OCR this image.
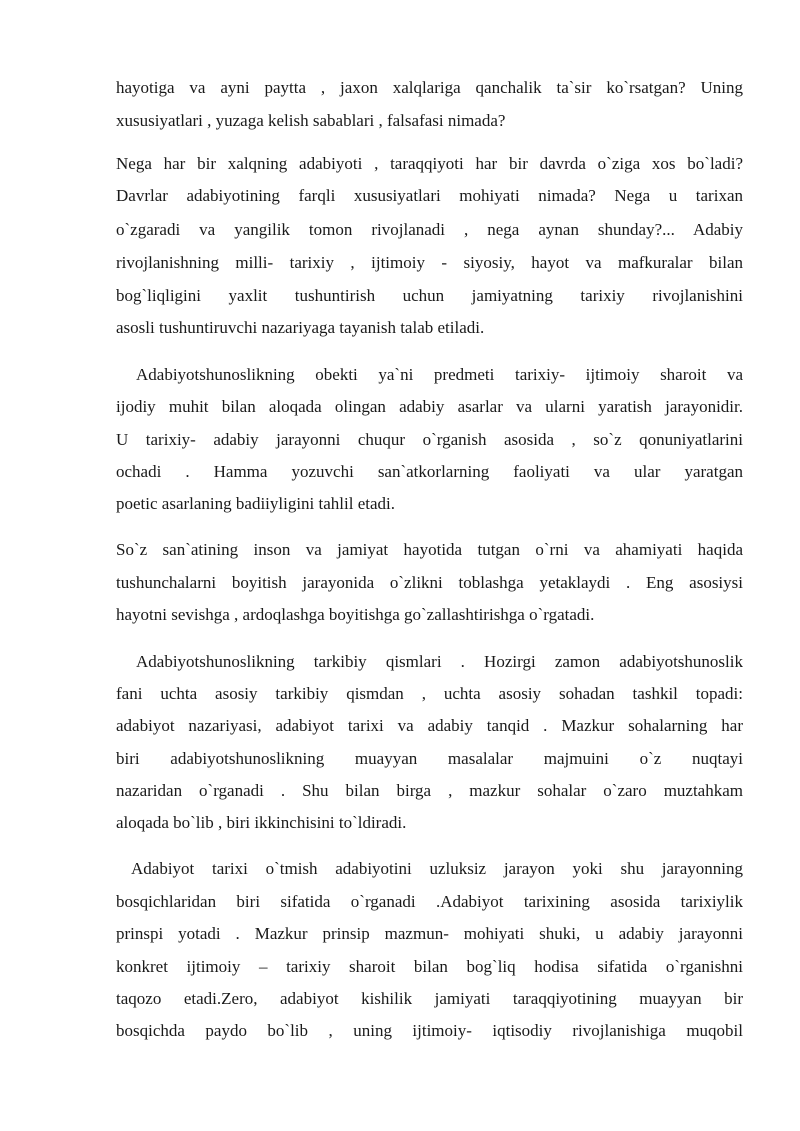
hayotiga va ayni paytta , jaxon xalqlariga qanchalik ta`sir ko`rsatgan? Uning
xususiyatlari , yuzaga kelish sabablari , falsafasi nimada?
Nega har bir xalqning adabiyoti , taraqqiyoti har bir davrda o`ziga xos bo`ladi?
Davrlar adabiyotining farqli xususiyatlari mohiyati nimada? Nega u tarixan
o`zgaradi va yangilik tomon rivojlanadi , nega aynan shunday?... Adabiy
rivojlanishning milli- tarixiy , ijtimoiy - siyosiy, hayot va mafkuralar bilan
bog`liqligini yaxlit tushuntirish uchun jamiyatning tarixiy rivojlanishini
asosli tushuntiruvchi nazariyaga tayanish talab etiladi.
Adabiyotshunoslikning obekti ya`ni predmeti tarixiy- ijtimoiy sharoit va
ijodiy muhit bilan aloqada olingan adabiy asarlar va ularni yaratish jarayonidir.
U tarixiy- adabiy jarayonni chuqur o`rganish asosida , so`z qonuniyatlarini
ochadi . Hamma yozuvchi san`atkorlarning faoliyati va ular yaratgan
poetic asarlaning badiiyligini tahlil etadi.
So`z san`atining inson va jamiyat hayotida tutgan o`rni va ahamiyati haqida
tushunchalarni boyitish jarayonida o`zlikni toblashga yetaklaydi . Eng asosiysi
hayotni sevishga , ardoqlashga boyitishga go`zallashtirishga o`rgatadi.
Adabiyotshunoslikning tarkibiy qismlari . Hozirgi zamon adabiyotshunoslik
fani uchta asosiy tarkibiy qismdan , uchta asosiy sohadan tashkil topadi:
adabiyot nazariyasi, adabiyot tarixi va adabiy tanqid . Mazkur sohalarning har
biri adabiyotshunoslikning muayyan masalalar majmuini o`z nuqtayi
nazaridan o`rganadi . Shu bilan birga , mazkur sohalar o`zaro muztahkam
aloqada bo`lib , biri ikkinchisini to`ldiradi.
Adabiyot tarixi o`tmish adabiyotini uzluksiz jarayon yoki shu jarayonning
bosqichlaridan biri sifatida o`rganadi .Adabiyot tarixining asosida tarixiylik
prinspi yotadi . Mazkur prinsip mazmun- mohiyati shuki, u adabiy jarayonni
konkret ijtimoiy – tarixiy sharoit bilan bog`liq hodisa sifatida o`rganishni
taqozo etadi.Zero, adabiyot kishilik jamiyati taraqqiyotining muayyan bir
bosqichda paydo bo`lib , uning ijtimoiy- iqtisodiy rivojlanishiga muqobil
